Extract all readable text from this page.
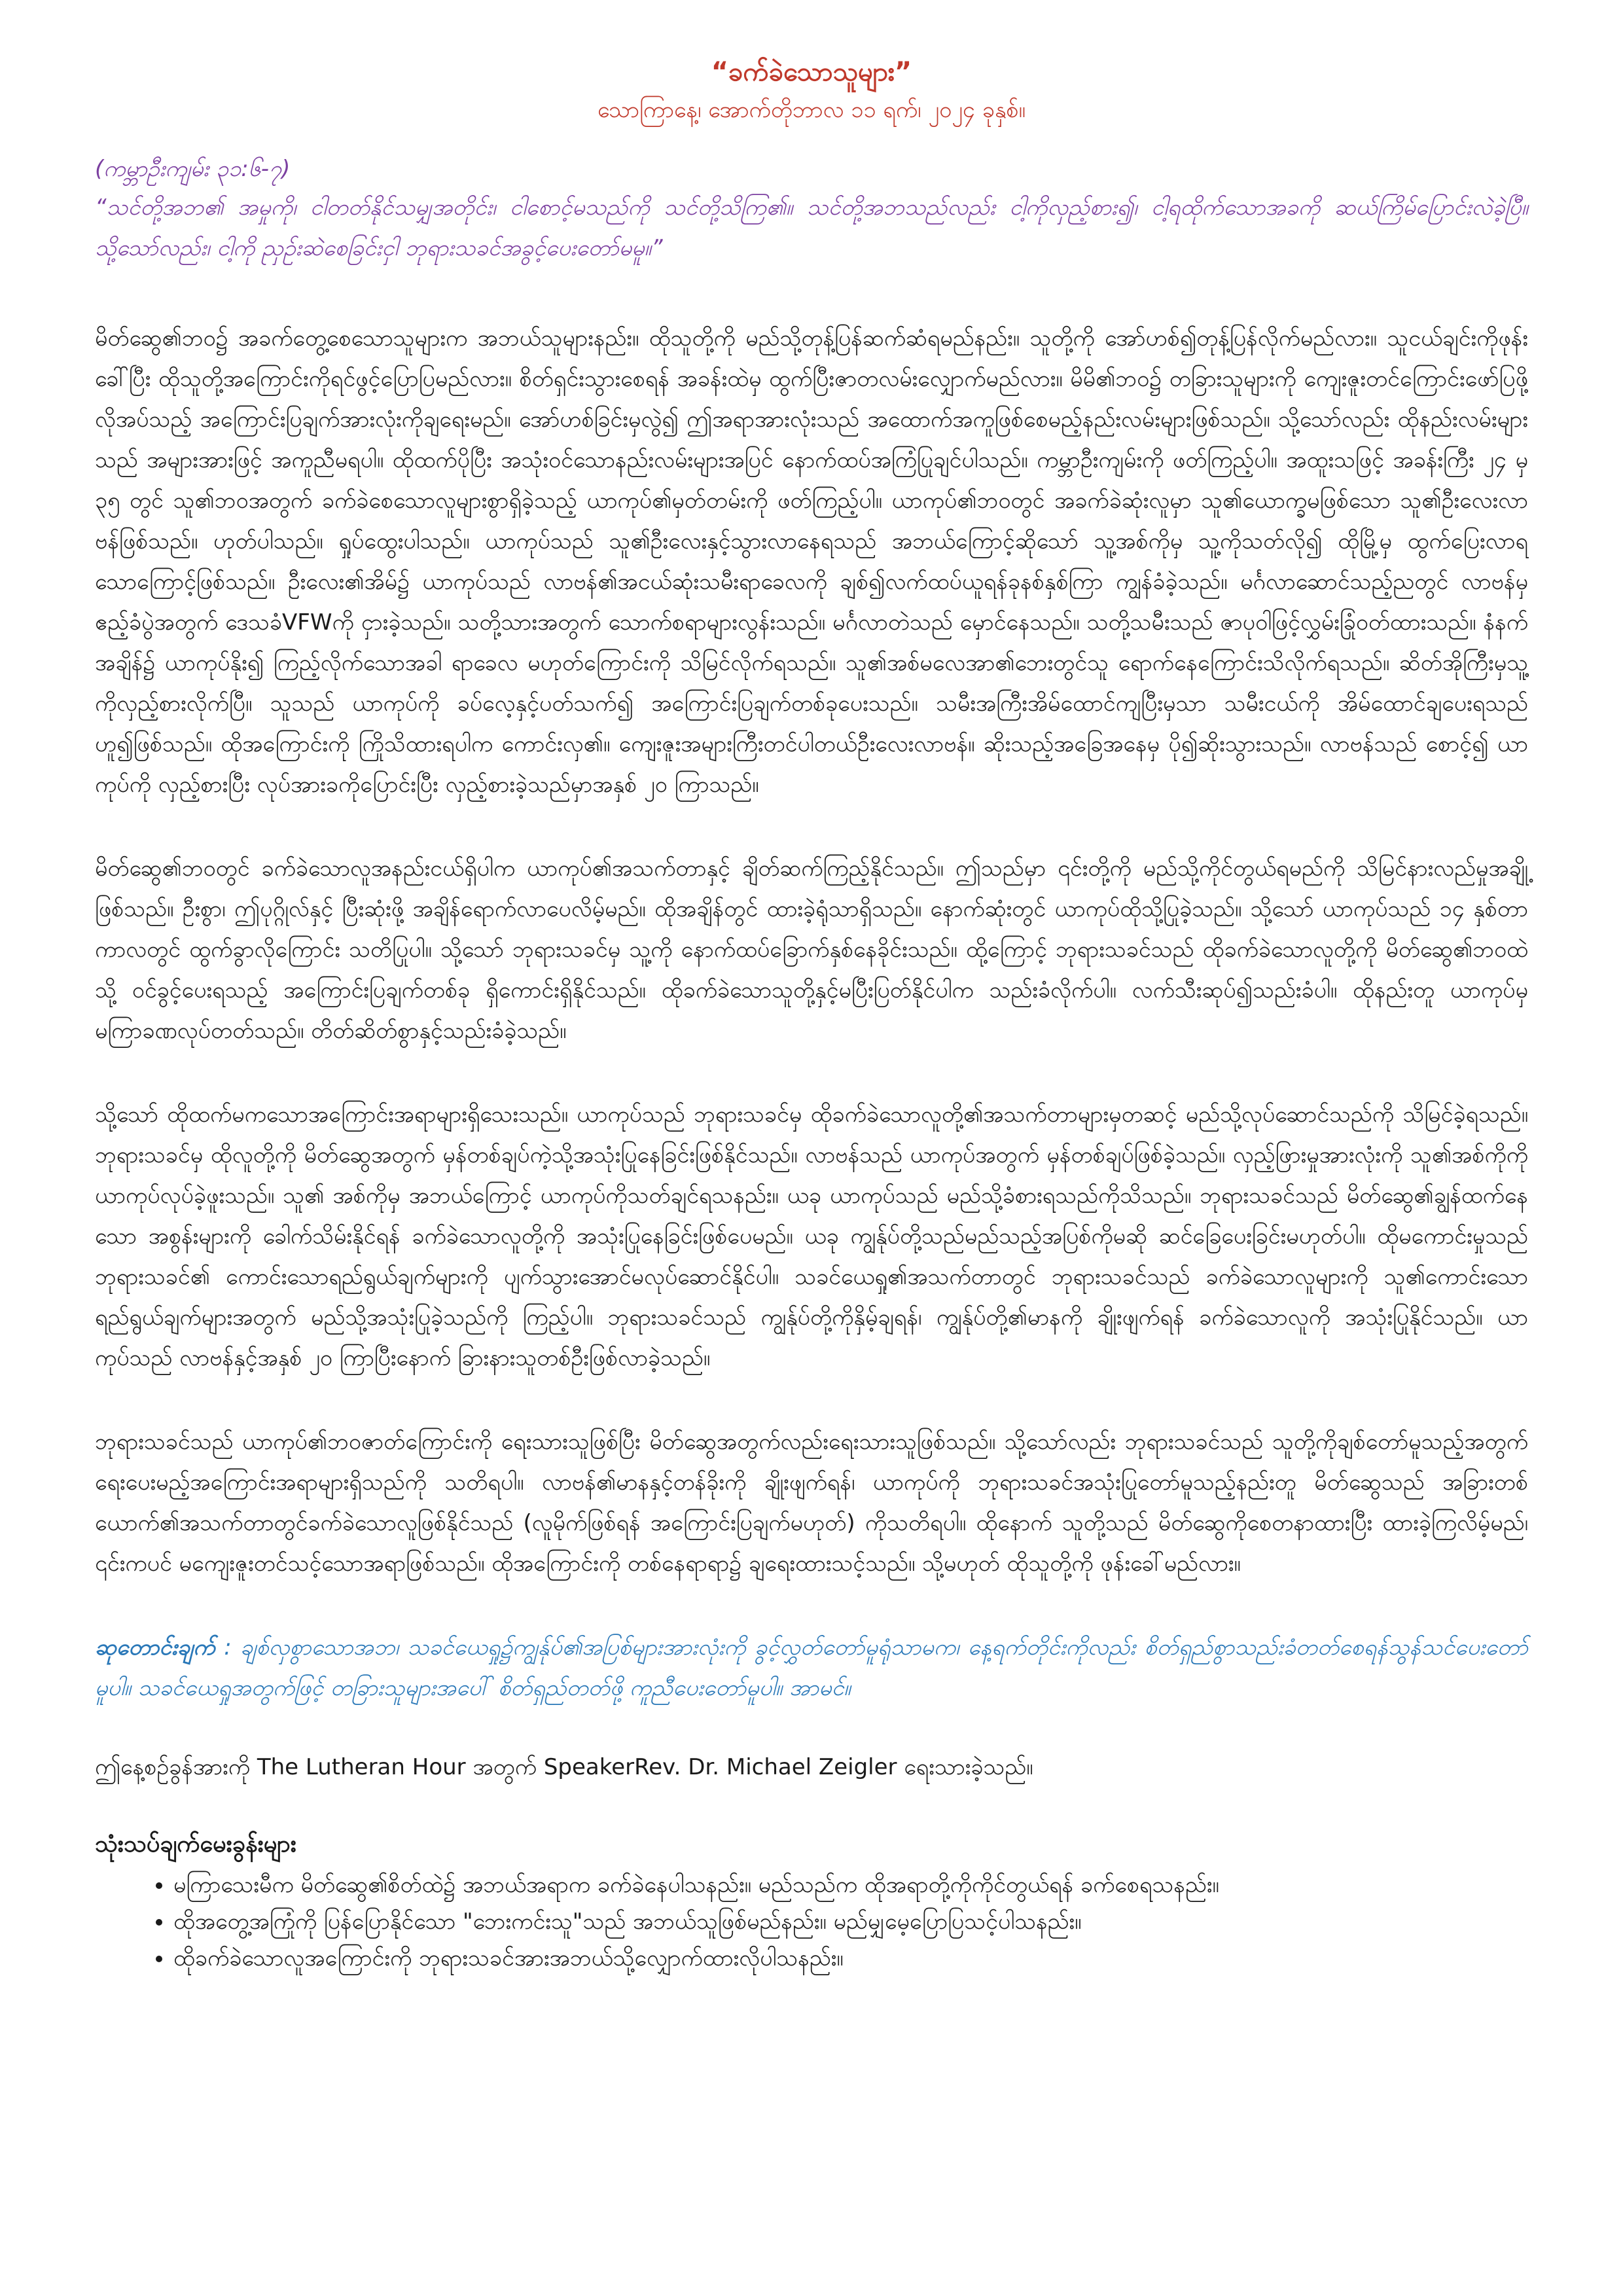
“ခက်ခဲသောသူများ”

သောကြာနေ့၊ အောက်တိုဘာလ ၁၁ ရက်၊ ၂၀၂၄ ခုနှစ်။

(ကမ္ဘာဦးကျမ်း ၃၁:၆-၇)

“သင်တို့အဘ၏ အမှုကို၊ ငါတတ်နိုင်သမျှအတိုင်း၊ ငါစောင့်မသည်ကို သင်တို့သိကြ၏။ သင်တို့အဘသည်လည်း ငါ့ကိုလှည့်စား၍၊ ငါ့ရထိုက်သောအခကို ဆယ်ကြိမ်ပြောင်းလဲခဲ့ပြီ။ သို့သော်လည်း၊ ငါ့ကို ညှဉ်းဆဲစေခြင်းငှါ ဘုရားသခင်အခွင့်ပေးတော်မမူ။”

မိတ်ဆွေ၏ဘဝ၌ အခက်တွေ့စေသောသူများက အဘယ်သူများနည်း။ ထိုသူတို့ကို မည်သို့တုန့်ပြန်ဆက်ဆံရမည်နည်း။ သူတို့ကို အော်ဟစ်၍တုန့်ပြန်လိုက်မည်လား။ သူငယ်ချင်းကိုဖုန်းခေါ်ပြီး ထိုသူတို့အကြောင်းကိုရင်ဖွင့်ပြောပြမည်လား။ စိတ်ရှင်းသွားစေရန် အခန်းထဲမှ ထွက်ပြီးဇာတလမ်းလျှောက်မည်လား။ မိမိ၏ဘဝ၌ တခြားသူများကို ကျေးဇူးတင်ကြောင်းဖော်ပြဖို့လိုအပ်သည့် အကြောင်းပြချက်အားလုံးကိုချရေးမည်။ အော်ဟစ်ခြင်းမှလွဲ၍ ဤအရာအားလုံးသည် အထောက်အကူဖြစ်စေမည့်နည်းလမ်းများဖြစ်သည်။ သို့သော်လည်း ထိုနည်းလမ်းများသည် အများအားဖြင့် အကူညီမရပါ။ ထိုထက်ပိုပြီး အသုံးဝင်သောနည်းလမ်းများအပြင် နောက်ထပ်အကြံပြုချင်ပါသည်။ ကမ္ဘာဦးကျမ်းကို ဖတ်ကြည့်ပါ။ အထူးသဖြင့် အခန်းကြီး ၂၄ မှ ၃၅ တွင် သူ၏ဘဝအတွက် ခက်ခဲစေသောလူများစွာရှိခဲ့သည့် ယာကုပ်၏မှတ်တမ်းကို ဖတ်ကြည့်ပါ။ ယာကုပ်၏ဘဝတွင် အခက်ခဲဆုံးလူမှာ သူ၏ယောက္ခမဖြစ်သော သူ၏ဦးလေးလာဗန်ဖြစ်သည်။ ဟုတ်ပါသည်။ ရှုပ်ထွေးပါသည်။ ယာကုပ်သည် သူ၏ဦးလေးနှင့်သွားလာနေရသည် အဘယ်ကြောင့်ဆိုသော် သူ့အစ်ကိုမှ သူ့ကိုသတ်လို၍ ထိုမြို့မှ ထွက်ပြေးလာရသောကြောင့်ဖြစ်သည်။ ဦးလေး၏အိမ်၌ ယာကုပ်သည် လာဗန်၏အငယ်ဆုံးသမီးရာခေလကို ချစ်၍လက်ထပ်ယူရန်ခုနစ်နှစ်ကြာ ကျွန်ခံခဲ့သည်။ မင်္ဂလာဆောင်သည့်ညတွင် လာဗန်မှ ဧည့်ခံပွဲအတွက် ဒေသခံVFWကို ငှားခဲ့သည်။ သတို့သားအတွက် သောက်စရာများလွန်းသည်။ မင်္ဂလာတဲသည် မှောင်နေသည်။ သတို့သမီးသည် ဇာပုဝါဖြင့်လွှမ်းခြုံဝတ်ထားသည်။ နံနက်အချိန်၌ ယာကုပ်နိုး၍ ကြည့်လိုက်သောအခါ ရာခေလ မဟုတ်ကြောင်းကို သိမြင်လိုက်ရသည်။ သူ၏အစ်မလေအာ၏ဘေးတွင်သူ ရောက်နေကြောင်းသိလိုက်ရသည်။ ဆိတ်အိုကြီးမှသူ့ကိုလှည့်စားလိုက်ပြီ။ သူသည် ယာကုပ်ကို ခပ်လေ့နှင့်ပတ်သက်၍ အကြောင်းပြချက်တစ်ခုပေးသည်။ သမီးအကြီးအိမ်ထောင်ကျပြီးမှသာ သမီးငယ်ကို အိမ်ထောင်ချပေးရသည်ဟူ၍ဖြစ်သည်။ ထိုအကြောင်းကို ကြိုသိထားရပါက ကောင်းလှ၏။ ကျေးဇူးအများကြီးတင်ပါတယ်ဦးလေးလာဗန်။ ဆိုးသည့်အခြေအနေမှ ပို၍ဆိုးသွားသည်။ လာဗန်သည် စောင့်၍ ယာကုပ်ကို လှည့်စားပြီး လုပ်အားခကိုပြောင်းပြီး လှည့်စားခဲ့သည်မှာအနှစ် ၂၀ ကြာသည်။

မိတ်ဆွေ၏ဘဝတွင် ခက်ခဲသောလူအနည်းငယ်ရှိပါက ယာကုပ်၏အသက်တာနှင့် ချိတ်ဆက်ကြည့်နိုင်သည်။ ဤသည်မှာ ၎င်းတို့ကို မည်သို့ကိုင်တွယ်ရမည်ကို သိမြင်နားလည်မှုအချို့ဖြစ်သည်။ ဦးစွာ၊ ဤပုဂ္ဂိုလ်နှင့် ပြီးဆုံးဖို့ အချိန်ရောက်လာပေလိမ့်မည်။ ထိုအချိန်တွင် ထားခဲ့ရုံသာရှိသည်။ နောက်ဆုံးတွင် ယာကုပ်ထိုသို့ပြုခဲ့သည်။ သို့သော် ယာကုပ်သည် ၁၄ နှစ်တာကာလတွင် ထွက်ခွာလိုကြောင်း သတိပြုပါ။ သို့သော် ဘုရားသခင်မှ သူ့ကို နောက်ထပ်ခြောက်နှစ်နေခိုင်းသည်။ ထို့ကြောင့် ဘုရားသခင်သည် ထိုခက်ခဲသောလူတို့ကို မိတ်ဆွေ၏ဘဝထဲသို့ ဝင်ခွင့်ပေးရသည့် အကြောင်းပြချက်တစ်ခု ရှိကောင်းရှိနိုင်သည်။ ထိုခက်ခဲသောသူတို့နှင့်မပြီးပြတ်နိုင်ပါက သည်းခံလိုက်ပါ။ လက်သီးဆုပ်၍သည်းခံပါ။ ထိုနည်းတူ ယာကုပ်မှ မကြာခဏလုပ်တတ်သည်။ တိတ်ဆိတ်စွာနှင့်သည်းခံခဲ့သည်။

သို့သော် ထိုထက်မကသောအကြောင်းအရာများရှိသေးသည်။ ယာကုပ်သည် ဘုရားသခင်မှ ထိုခက်ခဲသောလူတို့၏အသက်တာများမှတဆင့် မည်သို့လုပ်ဆောင်သည်ကို သိမြင်ခဲ့ရသည်။ ဘုရားသခင်မှ ထိုလူတို့ကို မိတ်ဆွေအတွက် မှန်တစ်ချပ်ကဲ့သို့အသုံးပြုနေခြင်းဖြစ်နိုင်သည်။ လာဗန်သည် ယာကုပ်အတွက် မှန်တစ်ချပ်ဖြစ်ခဲ့သည်။ လှည့်ဖြားမှုအားလုံးကို သူ၏အစ်ကိုကို ယာကုပ်လုပ်ခဲ့ဖူးသည်။ သူ၏ အစ်ကိုမှ အဘယ်ကြောင့် ယာကုပ်ကိုသတ်ချင်ရသနည်း။ ယခု ယာကုပ်သည် မည်သို့ခံစားရသည်ကိုသိသည်။ ဘုရားသခင်သည် မိတ်ဆွေ၏ချွန်ထက်နေသော အစွန်းများကို ခေါက်သိမ်းနိုင်ရန် ခက်ခဲသောလူတို့ကို အသုံးပြုနေခြင်းဖြစ်ပေမည်။ ယခု ကျွန်ုပ်တို့သည်မည်သည့်အပြစ်ကိုမဆို ဆင်ခြေပေးခြင်းမဟုတ်ပါ။ ထိုမကောင်းမှုသည် ဘုရားသခင်၏ ကောင်းသောရည်ရွယ်ချက်များကို ပျက်သွားအောင်မလုပ်ဆောင်နိုင်ပါ။ သခင်ယေရှု၏အသက်တာတွင် ဘုရားသခင်သည် ခက်ခဲသောလူများကို သူ၏ကောင်းသောရည်ရွယ်ချက်များအတွက် မည်သို့အသုံးပြုခဲ့သည်ကို ကြည့်ပါ။ ဘုရားသခင်သည် ကျွန်ုပ်တို့ကိုနှိမ့်ချရန်၊ ကျွန်ုပ်တို့၏မာနကို ချိုးဖျက်ရန် ခက်ခဲသောလူကို အသုံးပြုနိုင်သည်။ ယာကုပ်သည် လာဗန်နှင့်အနှစ် ၂၀ ကြာပြီးနောက် ခြားနားသူတစ်ဦးဖြစ်လာခဲ့သည်။

ဘုရားသခင်သည် ယာကုပ်၏ဘဝဇာတ်ကြောင်းကို ရေးသားသူဖြစ်ပြီး မိတ်ဆွေအတွက်လည်းရေးသားသူဖြစ်သည်။ သို့သော်လည်း ဘုရားသခင်သည် သူတို့ကိုချစ်တော်မူသည့်အတွက် ရေးပေးမည့်အကြောင်းအရာများရှိသည်ကို သတိရပါ။ လာဗန်၏မာနနှင့်တန်ခိုးကို ချိုးဖျက်ရန်၊ ယာကုပ်ကို ဘုရားသခင်အသုံးပြုတော်မူသည့်နည်းတူ မိတ်ဆွေသည် အခြားတစ်ယောက်၏အသက်တာတွင်ခက်ခဲသောလူဖြစ်နိုင်သည် (လူမိုက်ဖြစ်ရန် အကြောင်းပြချက်မဟုတ်) ကိုသတိရပါ။ ထိုနောက် သူတို့သည် မိတ်ဆွေကိုစေတနာထားပြီး ထားခဲ့ကြလိမ့်မည်၊ ၎င်းကပင် မကျေးဇူးတင်သင့်သောအရာဖြစ်သည်။ ထိုအကြောင်းကို တစ်နေရာရာ၌ ချရေးထားသင့်သည်။ သို့မဟုတ် ထိုသူတို့ကို ဖုန်းခေါ်မည်လား။

ဆုတောင်းချက် : ချစ်လှစွာသောအဘ၊ သခင်ယေရှု၌ကျွန်ုပ်၏အပြစ်များအားလုံးကို ခွင့်လွှတ်တော်မူရုံသာမက၊ နေ့ရက်တိုင်းကိုလည်း စိတ်ရှည်စွာသည်းခံတတ်စေရန်သွန်သင်ပေးတော်မူပါ။ သခင်ယေရှုအတွက်ဖြင့် တခြားသူများအပေါ် စိတ်ရှည်တတ်ဖို့ ကူညီပေးတော်မူပါ။ အာမင်။

ဤနေ့စဉ်ခွန်အားကို The Lutheran Hour အတွက် SpeakerRev. Dr. Michael Zeigler ရေးသားခဲ့သည်။

သုံးသပ်ချက်မေးခွန်းများ

• မကြာသေးမီက မိတ်ဆွေ၏စိတ်ထဲ၌ အဘယ်အရာက ခက်ခဲနေပါသနည်း။ မည်သည်က ထိုအရာတို့ကိုကိုင်တွယ်ရန် ခက်စေရသနည်း။
• ထိုအတွေ့အကြုံကို ပြန်ပြောနိုင်သော "ဘေးကင်းသူ"သည် အဘယ်သူဖြစ်မည်နည်း။ မည်မျှမေ့ပြောပြသင့်ပါသနည်း။
• ထိုခက်ခဲသောလူအကြောင်းကို ဘုရားသခင်အားအဘယ်သို့လျှောက်ထားလိုပါသနည်း။
